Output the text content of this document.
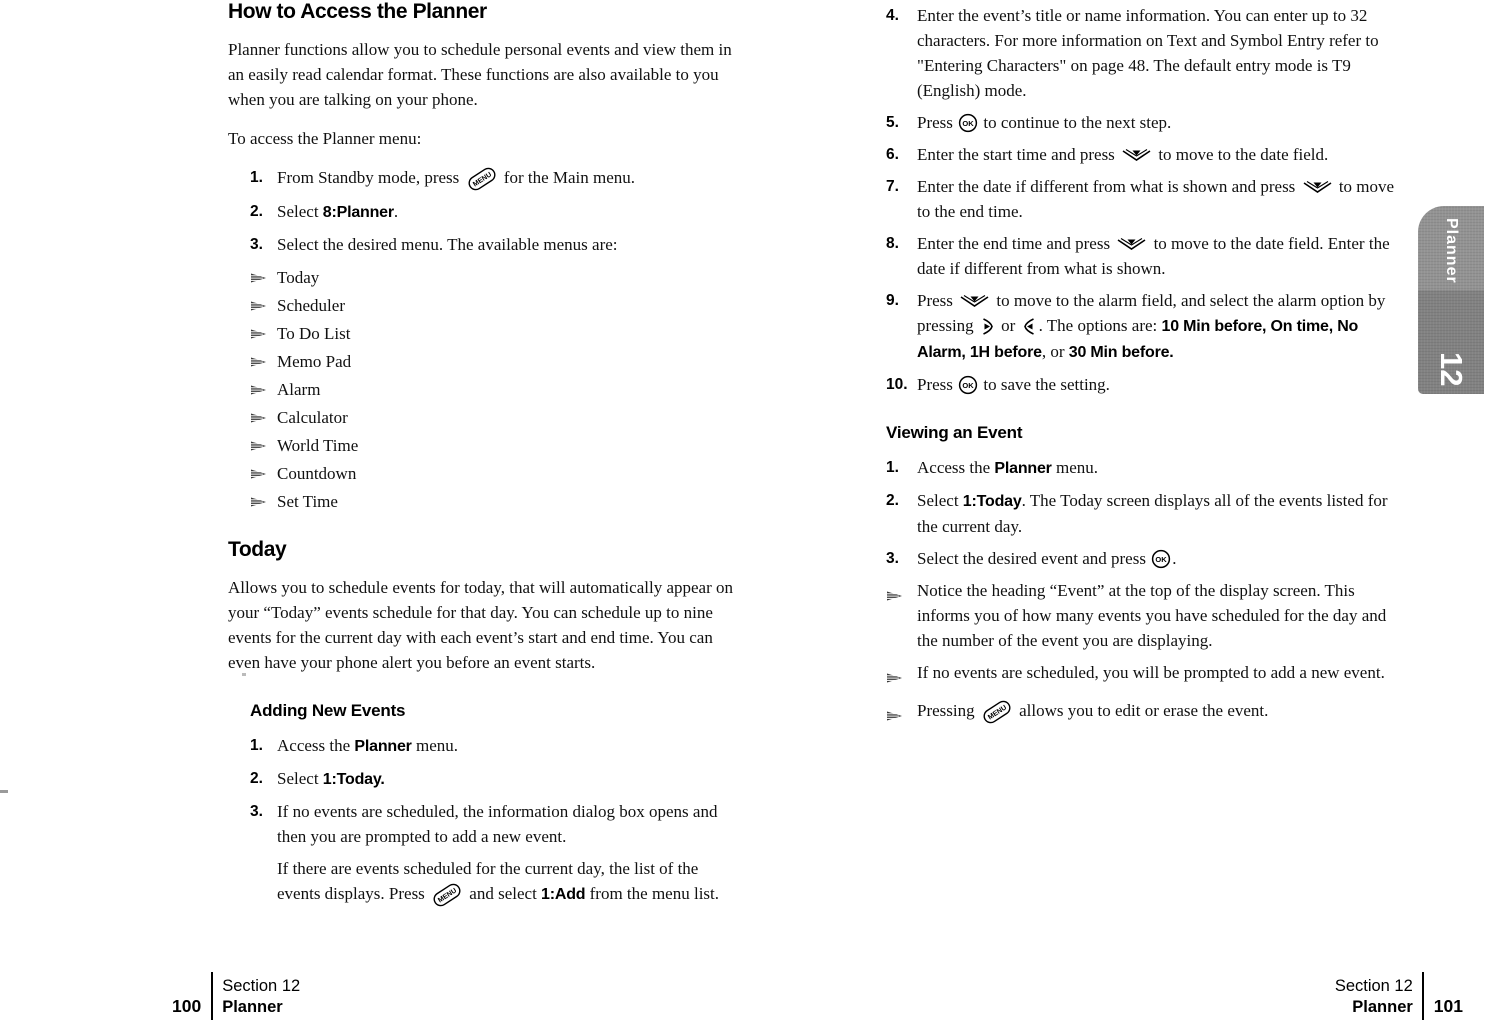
How to Access the Planner

Planner functions allow you to schedule personal events and view them in an easily read calendar format. These functions are also available to you when you are talking on your phone.

To access the Planner menu:

1. From Standby mode, press MENU for the Main menu.
2. Select 8:Planner.
3. Select the desired menu. The available menus are:
Today
Scheduler
To Do List
Memo Pad
Alarm
Calculator
World Time
Countdown
Set Time
Today

Allows you to schedule events for today, that will automatically appear on your “Today” events schedule for that day. You can schedule up to nine events for the current day with each event’s start and end time. You can even have your phone alert you before an event starts.

Adding New Events
1. Access the Planner menu.
2. Select 1:Today.
3. If no events are scheduled, the information dialog box opens and then you are prompted to add a new event.
If there are events scheduled for the current day, the list of the events displays. Press MENU and select 1:Add from the menu list.
4.	Enter the event’s title or name information. You can enter up to 32 characters. For more information on Text and Symbol Entry refer to "Entering Characters" on page 48. The default entry mode is T9 (English) mode.
5.	Press OK to continue to the next step.
6.	Enter the start time and press  to move to the date field.
7.	Enter the date if different from what is shown and press  to move to the end time.
8.	Enter the end time and press  to move to the date field. Enter the date if different from what is shown.
9.	Press  to move to the alarm field, and select the alarm option by pressing  or . The options are: 10 Min before, On time, No Alarm, 1H before, or 30 Min before.
10. Press OK to save the setting.
Viewing an Event
1.	Access the Planner menu.
2.	Select 1:Today. The Today screen displays all of the events listed for the current day.
3.	Select the desired event and press OK .
Notice the heading “Event” at the top of the display screen. This informs you of how many events you have scheduled for the day and the number of the event you are displaying.
If no events are scheduled, you will be prompted to add a new event.
Pressing MENU allows you to edit or erase the event.
Planner
12
100
Section 12
Planner
Section 12
Planner	101
